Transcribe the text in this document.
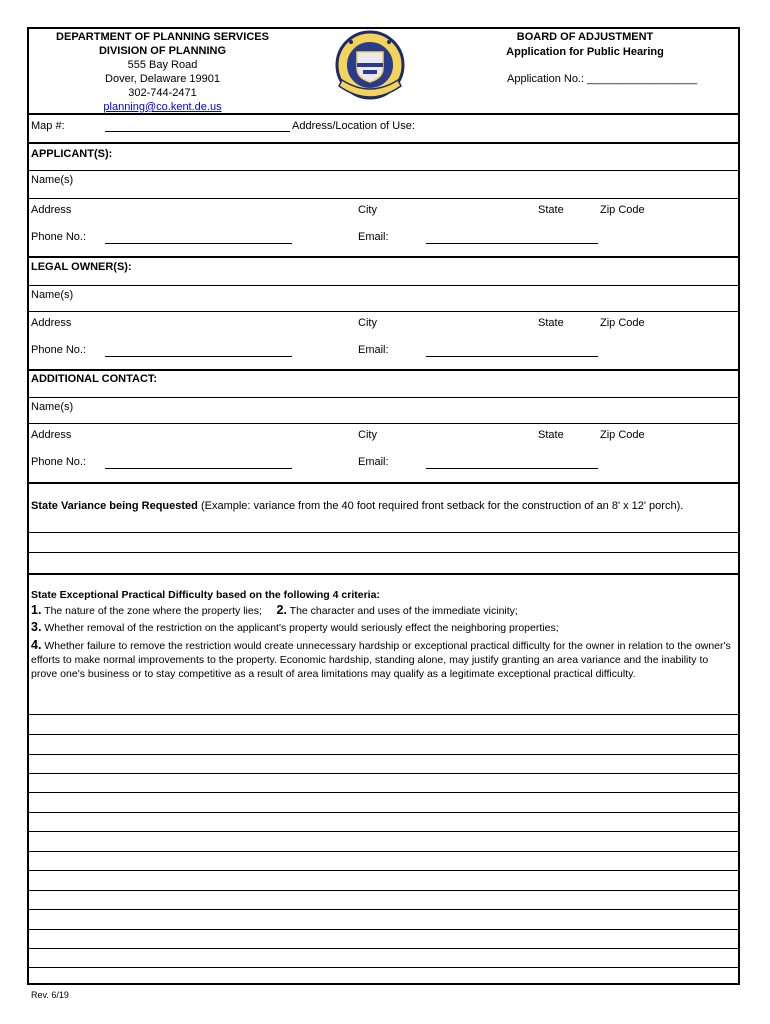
DEPARTMENT OF PLANNING SERVICES
DIVISION OF PLANNING
555 Bay Road
Dover, Delaware 19901
302-744-2471
planning@co.kent.de.us
BOARD OF ADJUSTMENT
Application for Public Hearing
Application No.: __________________
Map #:	Address/Location of Use:
APPLICANT(S):
Name(s)
Address	City	State	Zip Code
Phone No.:	Email:
LEGAL OWNER(S):
Name(s)
Address	City	State	Zip Code
Phone No.:	Email:
ADDITIONAL CONTACT:
Name(s)
Address	City	State	Zip Code
Phone No.:	Email:
State Variance being Requested (Example: variance from the 40 foot required front setback for the construction of an 8' x 12' porch).
State Exceptional Practical Difficulty based on the following 4 criteria:
1. The nature of the zone where the property lies; 2. The character and uses of the immediate vicinity;
3. Whether removal of the restriction on the applicant's property would seriously effect the neighboring properties;
4. Whether failure to remove the restriction would create unnecessary hardship or exceptional practical difficulty for the owner in relation to the owner's efforts to make normal improvements to the property. Economic hardship, standing alone, may justify granting an area variance and the inability to prove one's business or to stay competitive as a result of area limitations may qualify as a legitimate exceptional practical difficulty.
Rev. 6/19
